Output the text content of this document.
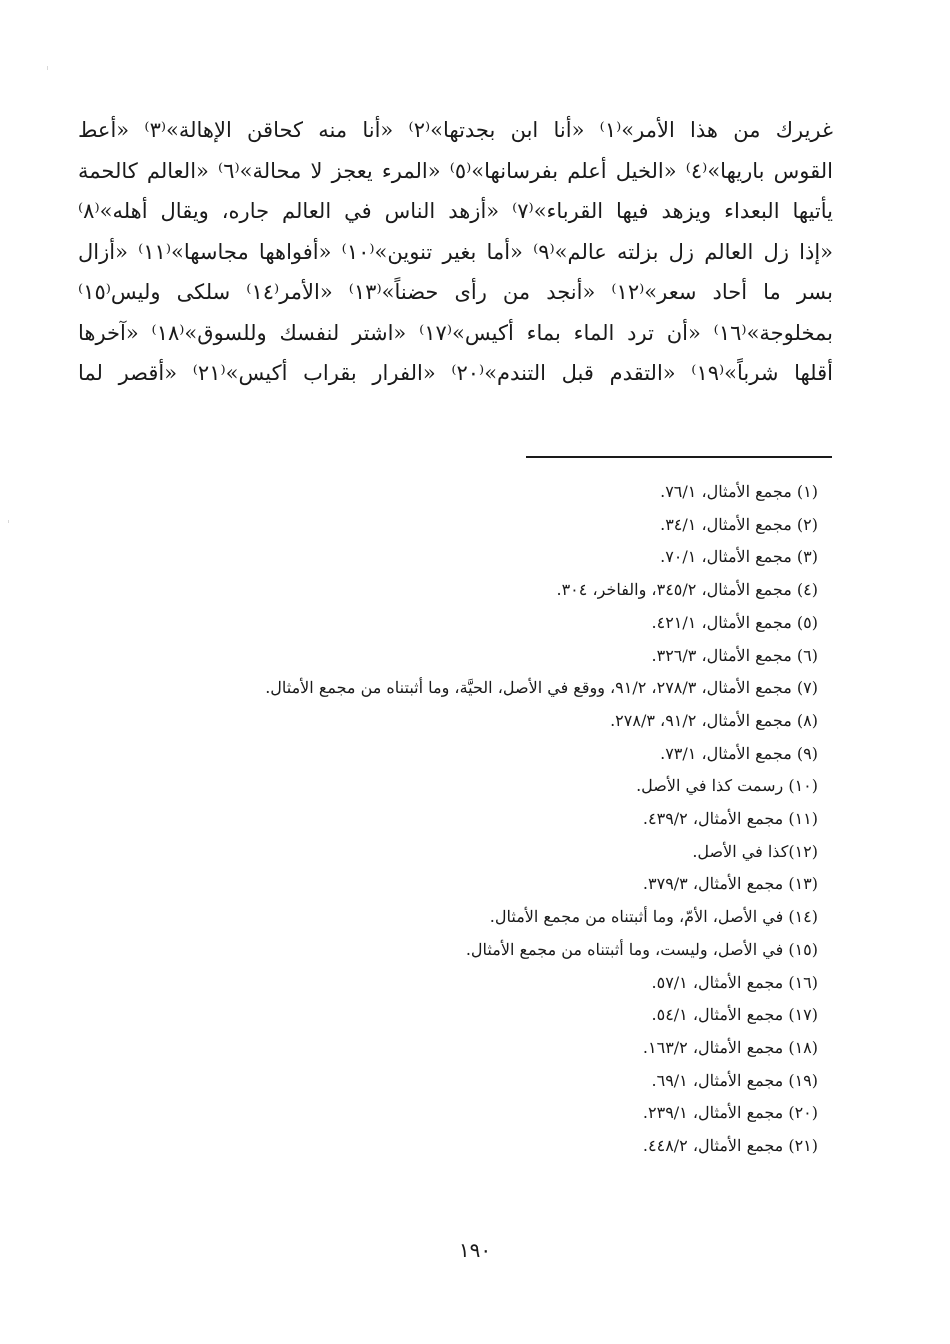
غريرك من هذا الأمر»⁽١⁾ «أنا ابن بجدتها»⁽٢⁾ «أنا منه كحاقن الإهالة»⁽٣⁾ «أعط
القوس باريها»⁽٤⁾ «الخيل أعلم بفرسانها»⁽٥⁾ «المرء يعجز لا محالة»⁽٦⁾ «العالم كالحمة
يأتيها البعداء ويزهد فيها القرباء»⁽٧⁾ «أزهد الناس في العالم جاره، ويقال أهله»⁽٨⁾
«إذا زل العالم زل بزلته عالم»⁽٩⁾ «أما بغير تنوين»⁽١٠⁾ «أفواهها مجاسها»⁽١١⁾ «أزال
بسر ما أحاد سعر»⁽١٢⁾ «أنجد من رأى حضناً»⁽١٣⁾ «الأمر⁽١٤⁾ سلكى وليس⁽١٥⁾
بمخلوجة»⁽١٦⁾ «أن ترد الماء بماء أكيس»⁽١٧⁾ «اشتر لنفسك وللسوق»⁽١٨⁾ «آخرها
أقلها شرباً»⁽١٩⁾ «التقدم قبل التندم»⁽٢٠⁾ «الفرار بقراب أكيس»⁽٢١⁾ «أقصر لما
(١) مجمع الأمثال، ٧٦/١.
(٢) مجمع الأمثال، ٣٤/١.
(٣) مجمع الأمثال، ٧٠/١.
(٤) مجمع الأمثال، ٣٤٥/٢، والفاخر، ٣٠٤.
(٥) مجمع الأمثال، ٤٢١/١.
(٦) مجمع الأمثال، ٣٢٦/٣.
(٧) مجمع الأمثال، ٢٧٨/٣، ٩١/٢، ووقع في الأصل، الحيَّة، وما أثبتناه من مجمع الأمثال.
(٨) مجمع الأمثال، ٩١/٢، ٢٧٨/٣.
(٩) مجمع الأمثال، ٧٣/١.
(١٠) رسمت كذا في الأصل.
(١١) مجمع الأمثال، ٤٣٩/٢.
(١٢)كذا في الأصل.
(١٣) مجمع الأمثال، ٣٧٩/٣.
(١٤) في الأصل، الأمّ، وما أثبتناه من مجمع الأمثال.
(١٥) في الأصل، وليست، وما أثبتناه من مجمع الأمثال.
(١٦) مجمع الأمثال، ٥٧/١.
(١٧) مجمع الأمثال، ٥٤/١.
(١٨) مجمع الأمثال، ١٦٣/٢.
(١٩) مجمع الأمثال، ٦٩/١.
(٢٠) مجمع الأمثال، ٢٣٩/١.
(٢١) مجمع الأمثال، ٤٤٨/٢.
١٩٠
